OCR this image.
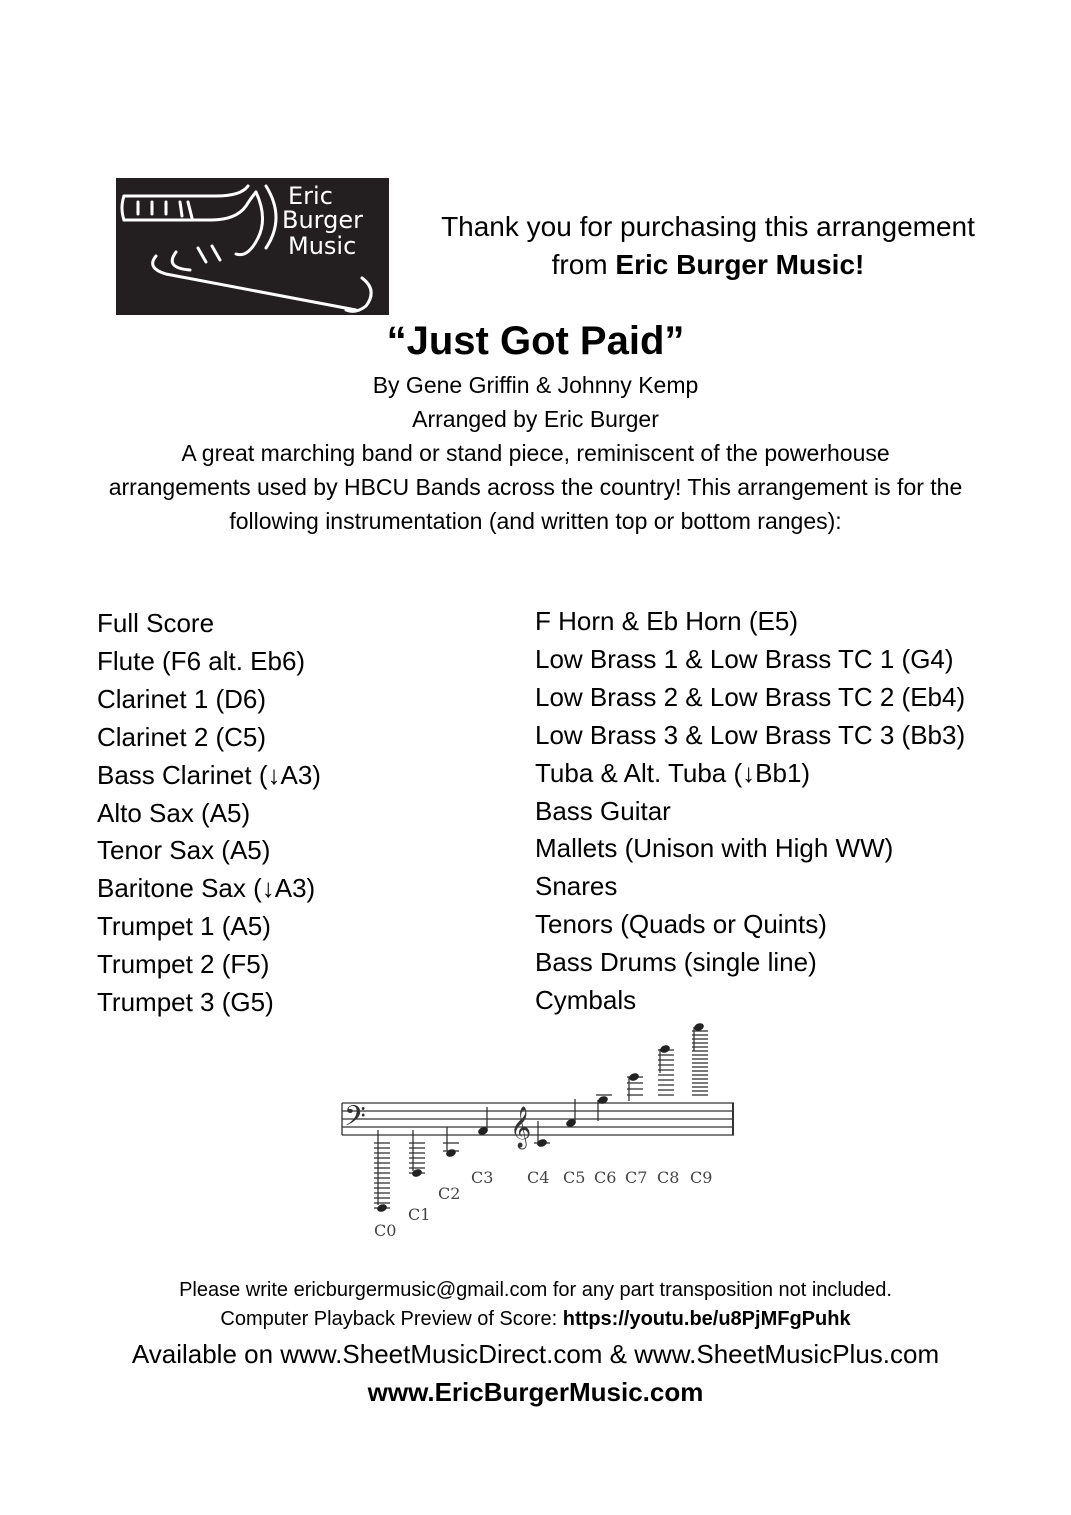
Eric
Burger
Music
Thank you for purchasing this arrangement
from Eric Burger Music!
“Just Got Paid”
By Gene Griffin & Johnny Kemp
Arranged by Eric Burger
A great marching band or stand piece, reminiscent of the powerhouse
arrangements used by HBCU Bands across the country! This arrangement is for the
following instrumentation (and written top or bottom ranges):
Full Score
Flute (F6 alt. Eb6)
Clarinet 1 (D6)
Clarinet 2 (C5)
Bass Clarinet (↓A3)
Alto Sax (A5)
Tenor Sax (A5)
Baritone Sax (↓A3)
Trumpet 1 (A5)
Trumpet 2 (F5)
Trumpet 3 (G5)
F Horn & Eb Horn (E5)
Low Brass 1 & Low Brass TC 1 (G4)
Low Brass 2 & Low Brass TC 2 (Eb4)
Low Brass 3 & Low Brass TC 3 (Bb3)
Tuba & Alt. Tuba (↓Bb1)
Bass Guitar
Mallets (Unison with High WW)
Snares
Tenors (Quads or Quints)
Bass Drums (single line)
Cymbals
𝄢	𝄞
C0
C1
C2
C3 C4 C5 C6 C7 C8 C9
Please write ericburgermusic@gmail.com for any part transposition not included.
Computer Playback Preview of Score: https://youtu.be/u8PjMFgPuhk
Available on www.SheetMusicDirect.com & www.SheetMusicPlus.com
www.EricBurgerMusic.com
